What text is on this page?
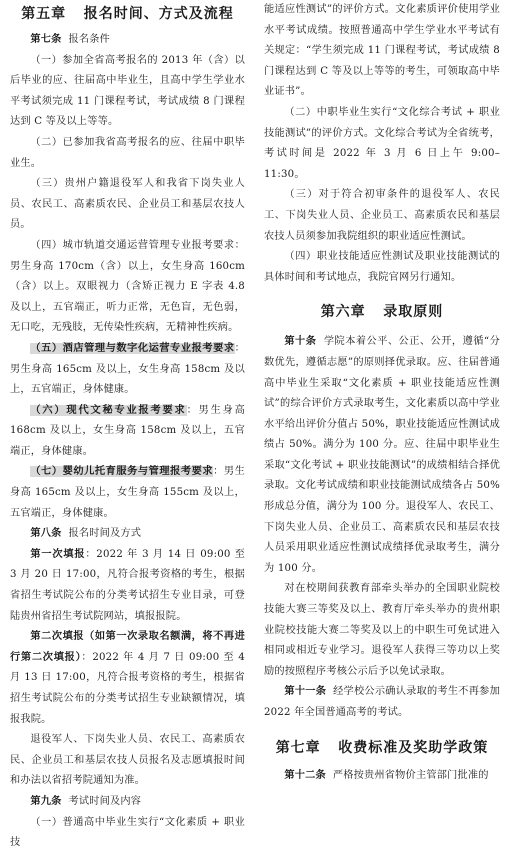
第五章   报名时间、方式及流程

第七条 报名条件

（一）参加全省高考报名的 2013 年（含）以后毕业的应、往届高中毕业生，且高中学生学业水平考试须完成 11 门课程考试，考试成绩 8 门课程达到 C 等及以上等等。

（二）已参加我省高考报名的应、往届中职毕业生。

（三）贵州户籍退役军人和我省下岗失业人员、农民工、高素质农民、企业员工和基层农技人员。

（四）城市轨道交通运营管理专业报考要求：男生身高 170cm（含）以上，女生身高 160cm（含）以上。双眼视力（含矫正视力 E 字表 4.8 及以上，五官端正，听力正常，无色盲，无色弱，无口吃，无残肢，无传染性疾病，无精神性疾病。

（五）酒店管理与数字化运营专业报考要求：男生身高 165cm 及以上，女生身高 158cm 及以上，五官端正，身体健康。

（六）现代文秘专业报考要求：男生身高 168cm 及以上，女生身高 158cm 及以上，五官端正，身体健康。

（七）婴幼儿托育服务与管理报考要求：男生身高 165cm 及以上，女生身高 155cm 及以上，五官端正，身体健康。

第八条 报名时间及方式

第一次填报：2022 年 3 月 14 日 09:00 至 3 月 20 日 17:00，凡符合报考资格的考生，根据省招生考试院公布的分类考试招生专业目录，可登陆贵州省招生考试院网站，填报报院。

第二次填报（如第一次录取名额满，将不再进行第二次填报）：2022 年 4 月 7 日 09:00 至 4 月 13 日 17:00，凡符合报考资格的考生，根据省招生考试院公布的分类考试招生专业缺额情况，填报我院。

退役军人、下岗失业人员、农民工、高素质农民、企业员工和基层农技人员报名及志愿填报时间和办法以省招考院通知为准。

第九条 考试时间及内容

（一）普通高中毕业生实行“文化素质 + 职业技

能适应性测试”的评价方式。文化素质评价使用学业水平考试成绩。按照普通高中学生学业水平考试有关规定：“学生须完成 11 门课程考试，考试成绩 8 门课程达到 C 等及以上等等的考生，可领取高中毕业证书”。

（二）中职毕业生实行“文化综合考试 + 职业技能测试”的评价方式。文化综合考试为全省统考，考试时间是 2022 年 3 月 6 日上午 9:00–11:30。

（三）对于符合初审条件的退役军人、农民工、下岗失业人员、企业员工、高素质农民和基层农技人员须参加我院组织的职业适应性测试。

（四）职业技能适应性测试及职业技能测试的具体时间和考试地点，我院官网另行通知。

第六章   录取原则

第十条 学院本着公平、公正、公开，遵循“分数优先，遵循志愿”的原则择优录取。应、往届普通高中毕业生采取“文化素质 + 职业技能适应性测试”的综合评价方式录取考生，文化素质以高中学业水平给出评价分值占 50%，职业技能适应性测试成绩占 50%。满分为 100 分。应、往届中职毕业生采取“文化考试 + 职业技能测试”的成绩相结合择优录取。文化考试成绩和职业技能测试成绩各占 50% 形成总分值，满分为 100 分。退役军人、农民工、下岗失业人员、企业员工、高素质农民和基层农技人员采用职业适应性测试成绩择优录取考生，满分为 100 分。

对在校期间获教育部牵头举办的全国职业院校技能大赛三等奖及以上、教育厅牵头举办的贵州职业院校技能大赛二等奖及以上的中职生可免试进入相同或相近专业学习。退役军人获得三等功以上奖励的按照程序考核公示后予以免试录取。

第十一条 经学校公示确认录取的考生不再参加 2022 年全国普通高考的考试。

第七章   收费标准及奖助学政策

第十二条 严格按贵州省物价主管部门批准的
